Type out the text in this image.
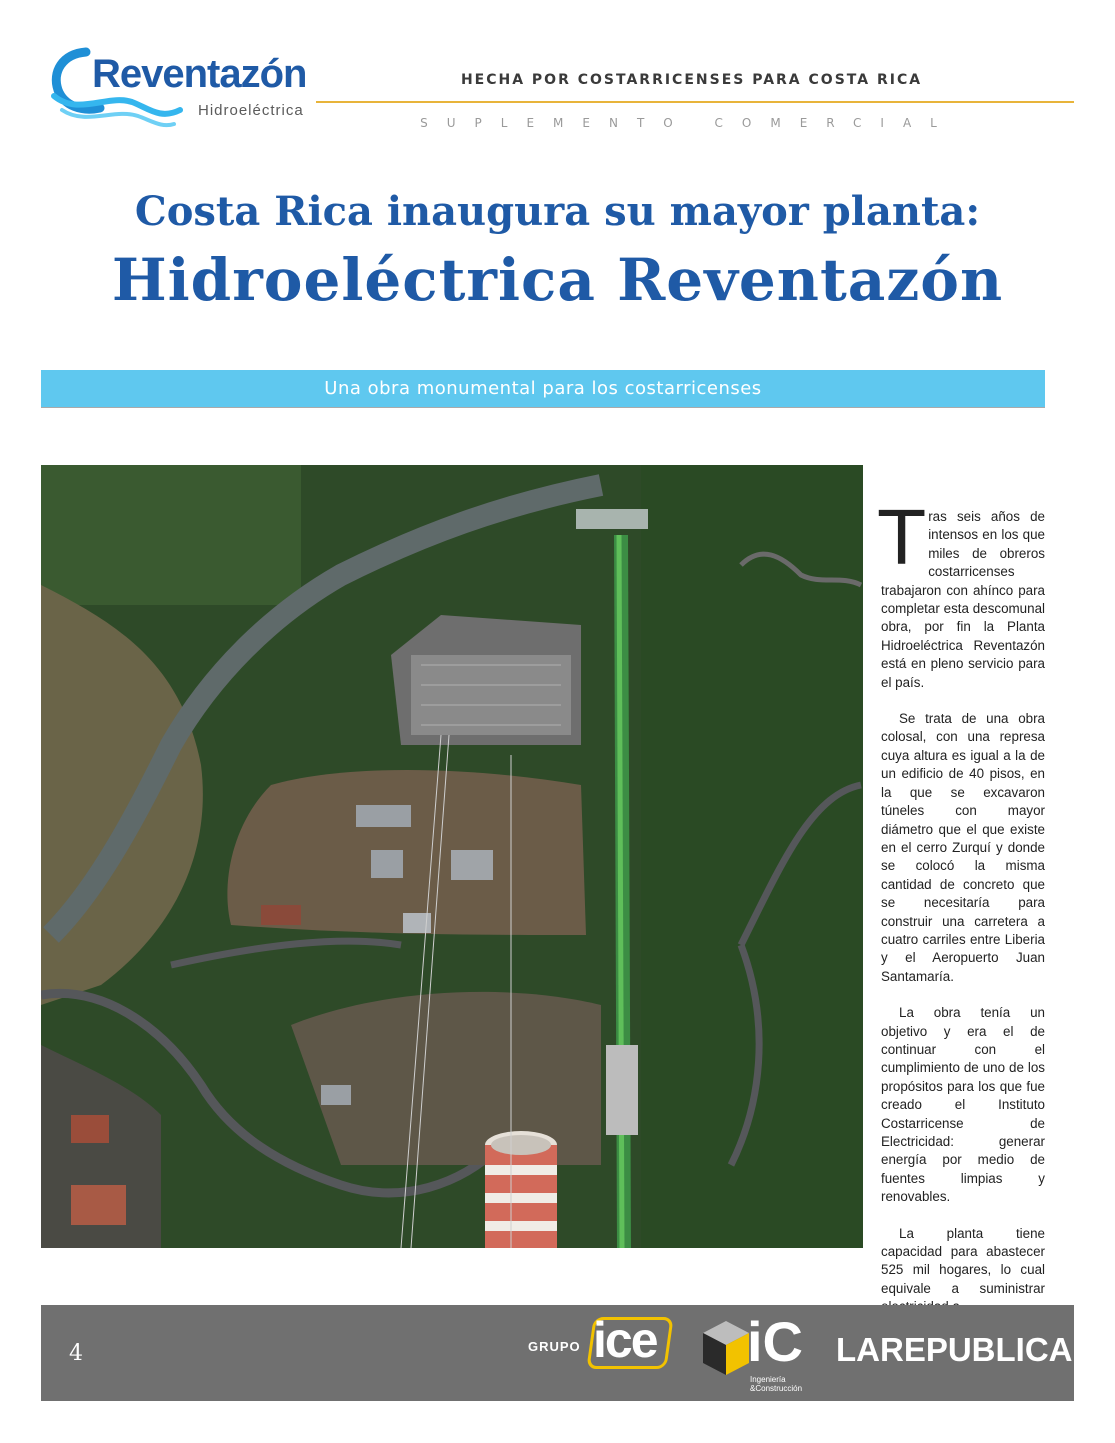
Reventazón
Hidroeléctrica
HECHA POR COSTARRICENSES PARA COSTA RICA
SUPLEMENTO COMERCIAL
Costa Rica inaugura su mayor planta:
Hidroeléctrica Reventazón
Una obra monumental para los costarricenses

Tras seis años de intensos en los que miles de obreros costarricenses trabajaron con ahínco para completar esta descomunal obra, por fin la Planta Hidroeléctrica Reventazón está en pleno servicio para el país.

Se trata de una obra colosal, con una represa cuya altura es igual a la de un edificio de 40 pisos, en la que se excavaron túneles con mayor diámetro que el que existe en el cerro Zurquí y donde se colocó la misma cantidad de concreto que se necesitaría para construir una carretera a cuatro carriles entre Liberia y el Aeropuerto Juan Santamaría.

La obra tenía un objetivo y era el de continuar con el cumplimiento de uno de los propósitos para los que fue creado el Instituto Costarricense de Electricidad: generar energía por medio de fuentes limpias y renovables.

La planta tiene capacidad para abastecer 525 mil hogares, lo cual equivale a suministrar

4	GRUPO ice iC
Ingeniería
&Construcción
LAREPUBLICA
